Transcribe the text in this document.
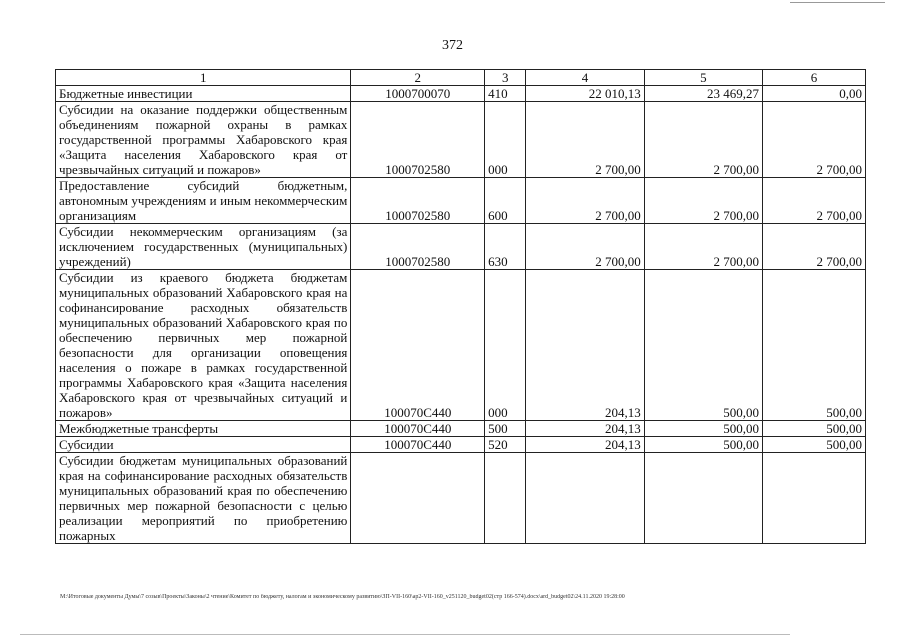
372
1	2	3	4	5	6
Бюджетные инвестиции	1000700070	410	22 010,13	23 469,27	0,00
Субсидии на оказание поддержки общественным объединениям пожарной охраны в рамках государственной программы Хабаровского края «Защита населения Хабаровского края от чрезвычайных ситуаций и пожаров»	1000702580	000	2 700,00	2 700,00	2 700,00
Предоставление субсидий бюджетным, автономным учреждениям и иным некоммерческим организациям	1000702580	600	2 700,00	2 700,00	2 700,00
Субсидии некоммерческим организациям (за исключением государственных (муниципальных) учреждений)	1000702580	630	2 700,00	2 700,00	2 700,00
Субсидии из краевого бюджета бюджетам муниципальных образований Хабаровского края на софинансирование расходных обязательств муниципальных образований Хабаровского края по обеспечению первичных мер пожарной безопасности для организации оповещения населения о пожаре в рамках государственной программы Хабаровского края «Защита населения Хабаровского края от чрезвычайных ситуаций и пожаров»	100070С440	000	204,13	500,00	500,00
Межбюджетные трансферты	100070С440	500	204,13	500,00	500,00
Субсидии	100070С440	520	204,13	500,00	500,00
Субсидии бюджетам муниципальных образований края на софинансирование расходных обязательств муниципальных образований края по обеспечению первичных мер пожарной безопасности с целью реализации мероприятий по приобретению пожарных					
M:\Итоговые документы Думы\7 созыв\Проекты\Законы\2 чтение\Комитет по бюджету, налогам и экономическому развитию\ЗП-VII-160\ар2-VII-160_v251120_budget02(стр 166-574).docx\ard_budget02\24.11.2020 19:28:00
